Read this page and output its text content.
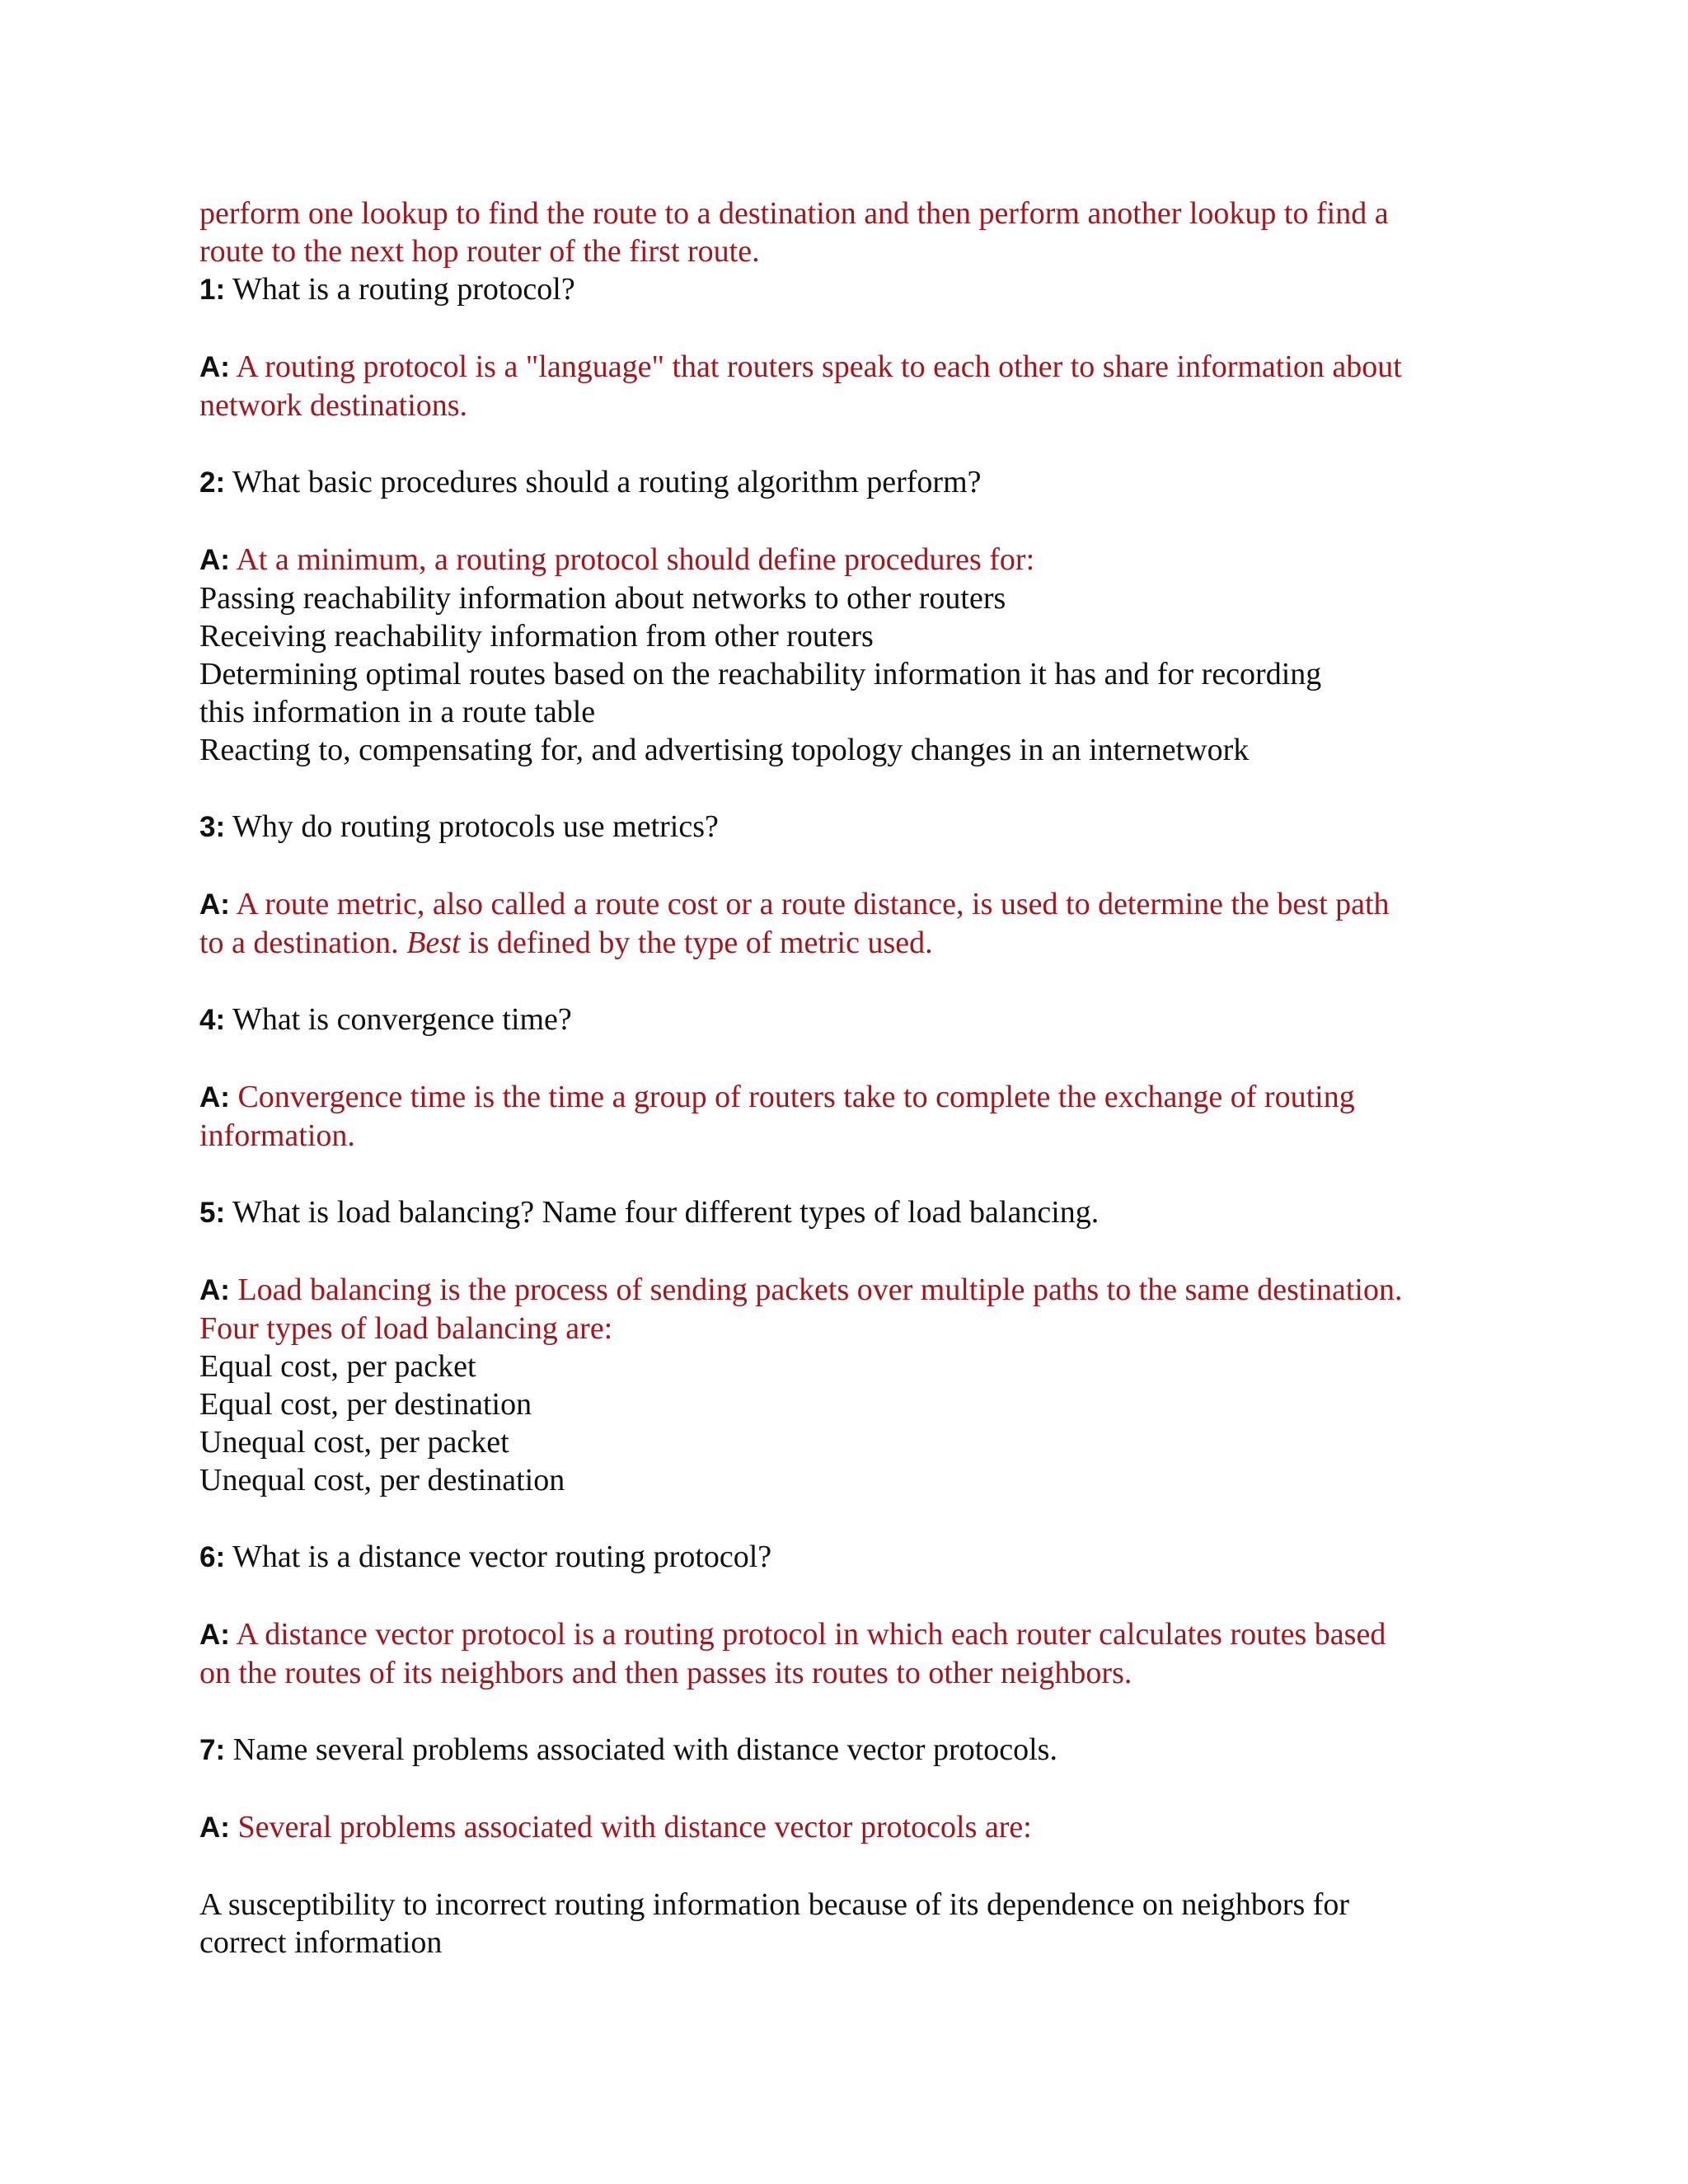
perform one lookup to find the route to a destination and then perform another lookup to find a
route to the next hop router of the first route.
1: What is a routing protocol?
A: A routing protocol is a "language" that routers speak to each other to share information about
network destinations.
2: What basic procedures should a routing algorithm perform?
A: At a minimum, a routing protocol should define procedures for:
Passing reachability information about networks to other routers
Receiving reachability information from other routers
Determining optimal routes based on the reachability information it has and for recording
this information in a route table
Reacting to, compensating for, and advertising topology changes in an internetwork
3: Why do routing protocols use metrics?
A: A route metric, also called a route cost or a route distance, is used to determine the best path
to a destination. Best is defined by the type of metric used.
4: What is convergence time?
A: Convergence time is the time a group of routers take to complete the exchange of routing
information.
5: What is load balancing? Name four different types of load balancing.
A: Load balancing is the process of sending packets over multiple paths to the same destination.
Four types of load balancing are:
Equal cost, per packet
Equal cost, per destination
Unequal cost, per packet
Unequal cost, per destination
6: What is a distance vector routing protocol?
A: A distance vector protocol is a routing protocol in which each router calculates routes based
on the routes of its neighbors and then passes its routes to other neighbors.
7: Name several problems associated with distance vector protocols.
A: Several problems associated with distance vector protocols are:
A susceptibility to incorrect routing information because of its dependence on neighbors for
correct information
